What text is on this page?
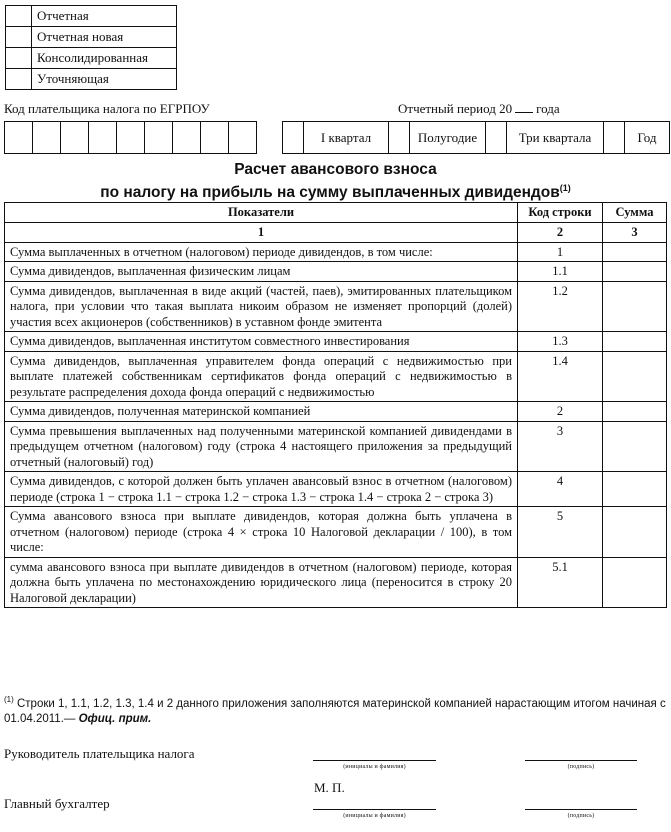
	Отчетная
	Отчетная новая
	Консолидированная
	Уточняющая
Код плательщика налога по ЕГРПОУ
									Отчетный период 20 года
	I квартал		Полугодие		Три квартала		Год
Расчет авансового взноса
по налогу на прибыль на сумму выплаченных дивидендов$^{(1)}$
Показатели	Код строки	Сумма
1	2	3
Сумма выплаченных в отчетном (налоговом) периоде дивидендов, в том числе:	1	
Сумма дивидендов, выплаченная физическим лицам	1.1	
Сумма дивидендов, выплаченная в виде акций (частей, паев), эмитированных плательщиком налога, при условии что такая выплата никоим образом не изменяет пропорций (долей) участия всех акционеров (собственников) в уставном фонде эмитента	1.2	
Сумма дивидендов, выплаченная институтом совместного инвестирования	1.3	
Сумма дивидендов, выплаченная управителем фонда операций с недвижимостью при выплате платежей собственникам сертификатов фонда операций с недвижимостью в результате распределения дохода фонда операций с недвижимостью	1.4	
Сумма дивидендов, полученная материнской компанией	2	
Сумма превышения выплаченных над полученными материнской компанией дивидендами в предыдущем отчетном (налоговом) году (строка 4 настоящего приложения за предыдущий отчетный (налоговый) год)	3	
Сумма дивидендов, с которой должен быть уплачен авансовый взнос в отчетном (налоговом) периоде (строка 1 − строка 1.1 − строка 1.2 − строка 1.3 − строка 1.4 − строка 2 − строка 3)	4	
Сумма авансового взноса при выплате дивидендов, которая должна быть уплачена в отчетном (налоговом) периоде (строка 4 × строка 10 Налоговой декларации / 100), в том числе:	5	
сумма авансового взноса при выплате дивидендов в отчетном (налоговом) периоде, которая должна быть уплачена по местонахождению юридического лица (переносится в строку 20 Налоговой декларации)	5.1	
$^{(1)}$ Строки 1, 1.1, 1.2, 1.3, 1.4 и 2 данного приложения заполняются материнской компанией нарастающим итогом начиная с 01.04.2011.— Офиц. прим.
Руководитель плательщика налога
(инициалы и фамилия)	(подпись)
М. П.
Главный бухгалтер
(инициалы и фамилия)	(подпись)
